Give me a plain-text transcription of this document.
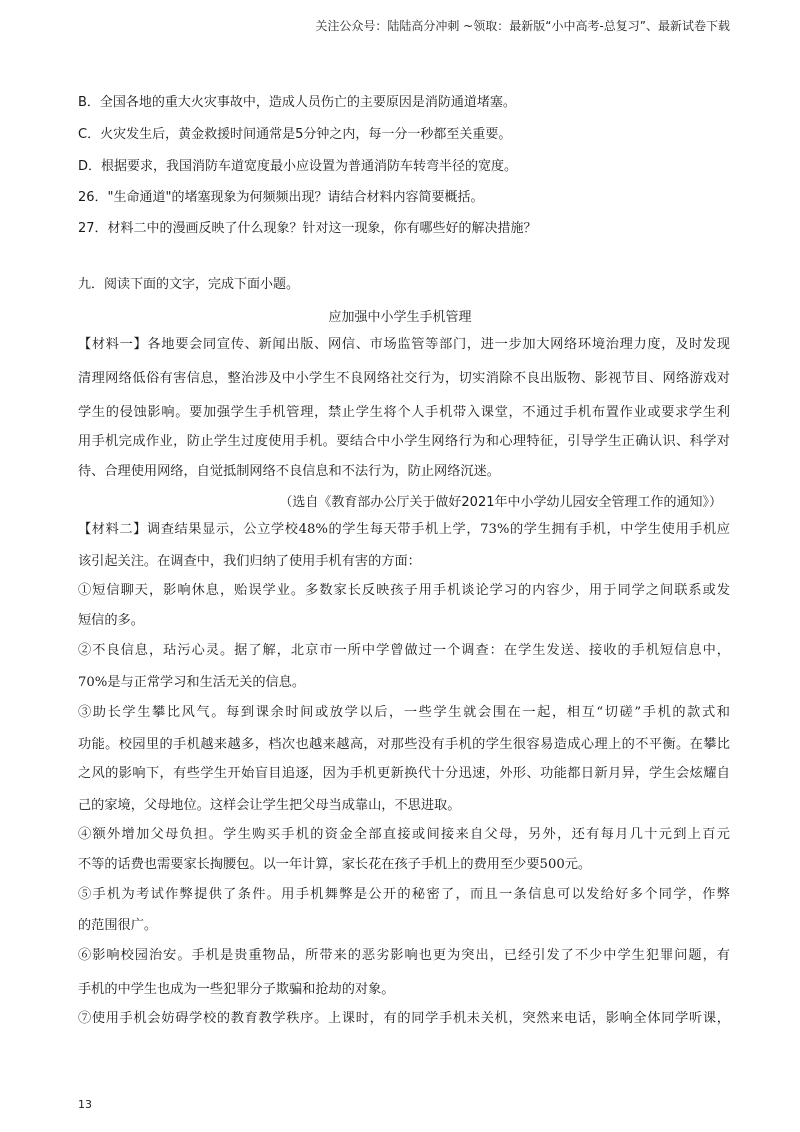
关注公众号：陆陆高分冲刺 ~领取：最新版“小中高考-总复习”、最新试卷下载
B．全国各地的重大火灾事故中，造成人员伤亡的主要原因是消防通道堵塞。
C．火灾发生后，黄金救援时间通常是5分钟之内，每一分一秒都至关重要。
D．根据要求，我国消防车道宽度最小应设置为普通消防车转弯半径的宽度。
26．"生命通道"的堵塞现象为何频频出现？请结合材料内容简要概括。
27．材料二中的漫画反映了什么现象？针对这一现象，你有哪些好的解决措施？
九．阅读下面的文字，完成下面小题。
应加强中小学生手机管理
【材料一】各地要会同宣传、新闻出版、网信、市场监管等部门，进一步加大网络环境治理力度，及时发现
清理网络低俗有害信息，整治涉及中小学生不良网络社交行为，切实消除不良出版物、影视节目、网络游戏对
学生的侵蚀影响。要加强学生手机管理，禁止学生将个人手机带入课堂，不通过手机布置作业或要求学生利
用手机完成作业，防止学生过度使用手机。要结合中小学生网络行为和心理特征，引导学生正确认识、科学对
待、合理使用网络，自觉抵制网络不良信息和不法行为，防止网络沉迷。
（选自《教育部办公厅关于做好2021年中小学幼儿园安全管理工作的通知》）
【材料二】调查结果显示，公立学校48%的学生每天带手机上学，73%的学生拥有手机，中学生使用手机应
该引起关注。在调查中，我们归纳了使用手机有害的方面：
①短信聊天，影响休息，贻误学业。多数家长反映孩子用手机谈论学习的内容少，用于同学之间联系或发
短信的多。
②不良信息，玷污心灵。据了解，北京市一所中学曾做过一个调查：在学生发送、接收的手机短信息中，
70%是与正常学习和生活无关的信息。
③助长学生攀比风气。每到课余时间或放学以后，一些学生就会围在一起，相互“切磋”手机的款式和
功能。校园里的手机越来越多，档次也越来越高，对那些没有手机的学生很容易造成心理上的不平衡。在攀比
之风的影响下，有些学生开始盲目追逐，因为手机更新换代十分迅速，外形、功能都日新月异，学生会炫耀自
己的家境，父母地位。这样会让学生把父母当成靠山，不思进取。
④额外增加父母负担。学生购买手机的资金全部直接或间接来自父母，另外，还有每月几十元到上百元
不等的话费也需要家长掏腰包。以一年计算，家长花在孩子手机上的费用至少要500元。
⑤手机为考试作弊提供了条件。用手机舞弊是公开的秘密了，而且一条信息可以发给好多个同学，作弊
的范围很广。
⑥影响校园治安。手机是贵重物品，所带来的恶劣影响也更为突出，已经引发了不少中学生犯罪问题，有
手机的中学生也成为一些犯罪分子欺骗和抢劫的对象。
⑦使用手机会妨碍学校的教育教学秩序。上课时，有的同学手机未关机，突然来电话，影响全体同学听课，
13
